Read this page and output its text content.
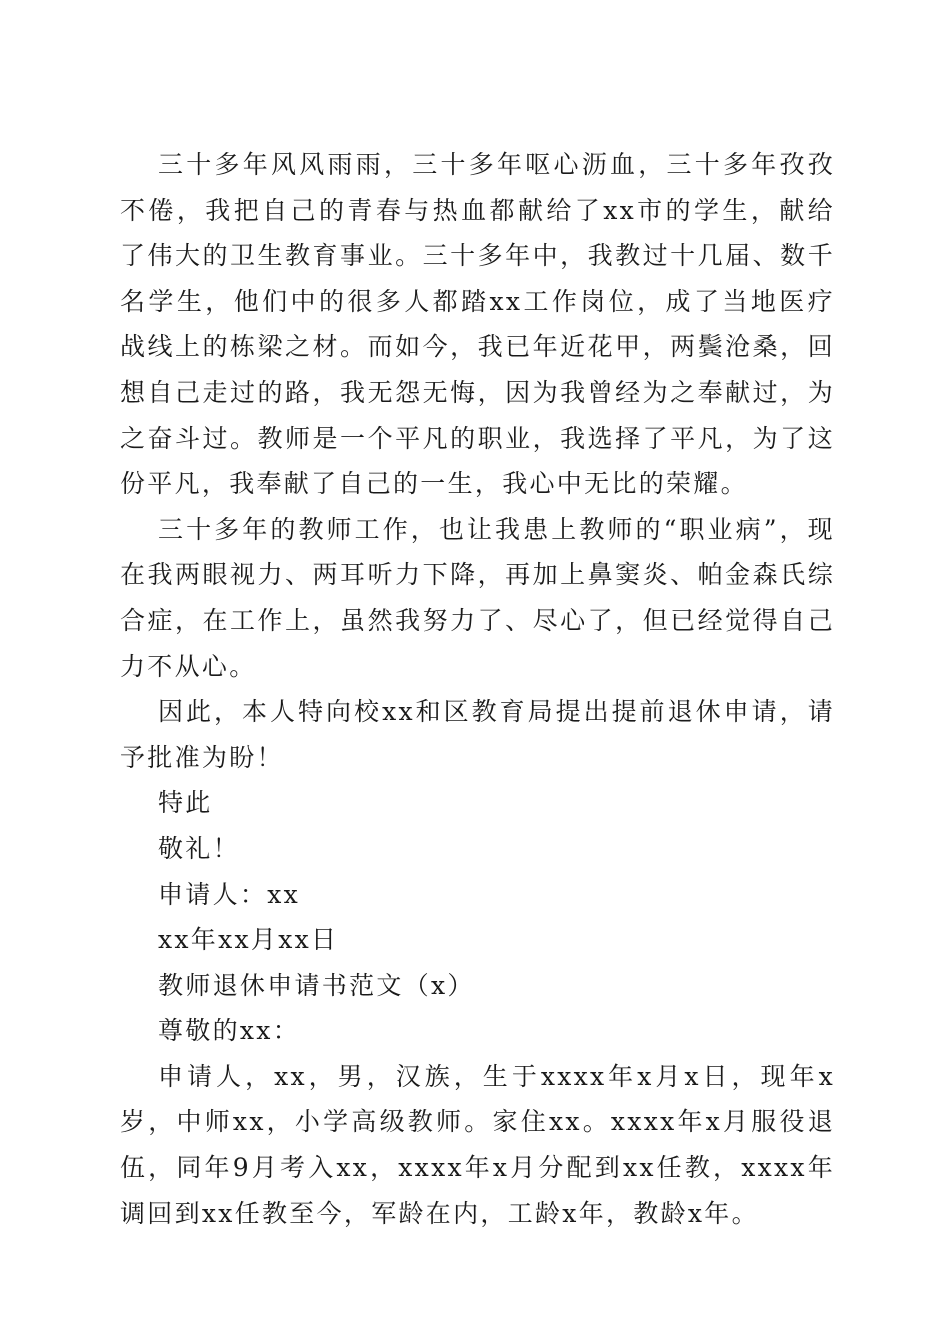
三十多年风风雨雨，三十多年呕心沥血，三十多年孜孜不倦，我把自己的青春与热血都献给了xx市的学生，献给了伟大的卫生教育事业。三十多年中，我教过十几届、数千名学生，他们中的很多人都踏xx工作岗位，成了当地医疗战线上的栋梁之材。而如今，我已年近花甲，两鬓沧桑，回想自己走过的路，我无怨无悔，因为我曾经为之奉献过，为之奋斗过。教师是一个平凡的职业，我选择了平凡，为了这份平凡，我奉献了自己的一生，我心中无比的荣耀。

三十多年的教师工作，也让我患上教师的“职业病”，现在我两眼视力、两耳听力下降，再加上鼻窦炎、帕金森氏综合症，在工作上，虽然我努力了、尽心了，但已经觉得自己力不从心。

因此，本人特向校xx和区教育局提出提前退休申请，请予批准为盼！

特此

敬礼！

申请人：xx

xx年xx月xx日

教师退休申请书范文（x）

尊敬的xx：

申请人，xx，男，汉族，生于xxxx年x月x日，现年x岁，中师xx，小学高级教师。家住xx。xxxx年x月服役退伍，同年9月考入xx，xxxx年x月分配到xx任教，xxxx年调回到xx任教至今，军龄在内，工龄x年，教龄x年。
